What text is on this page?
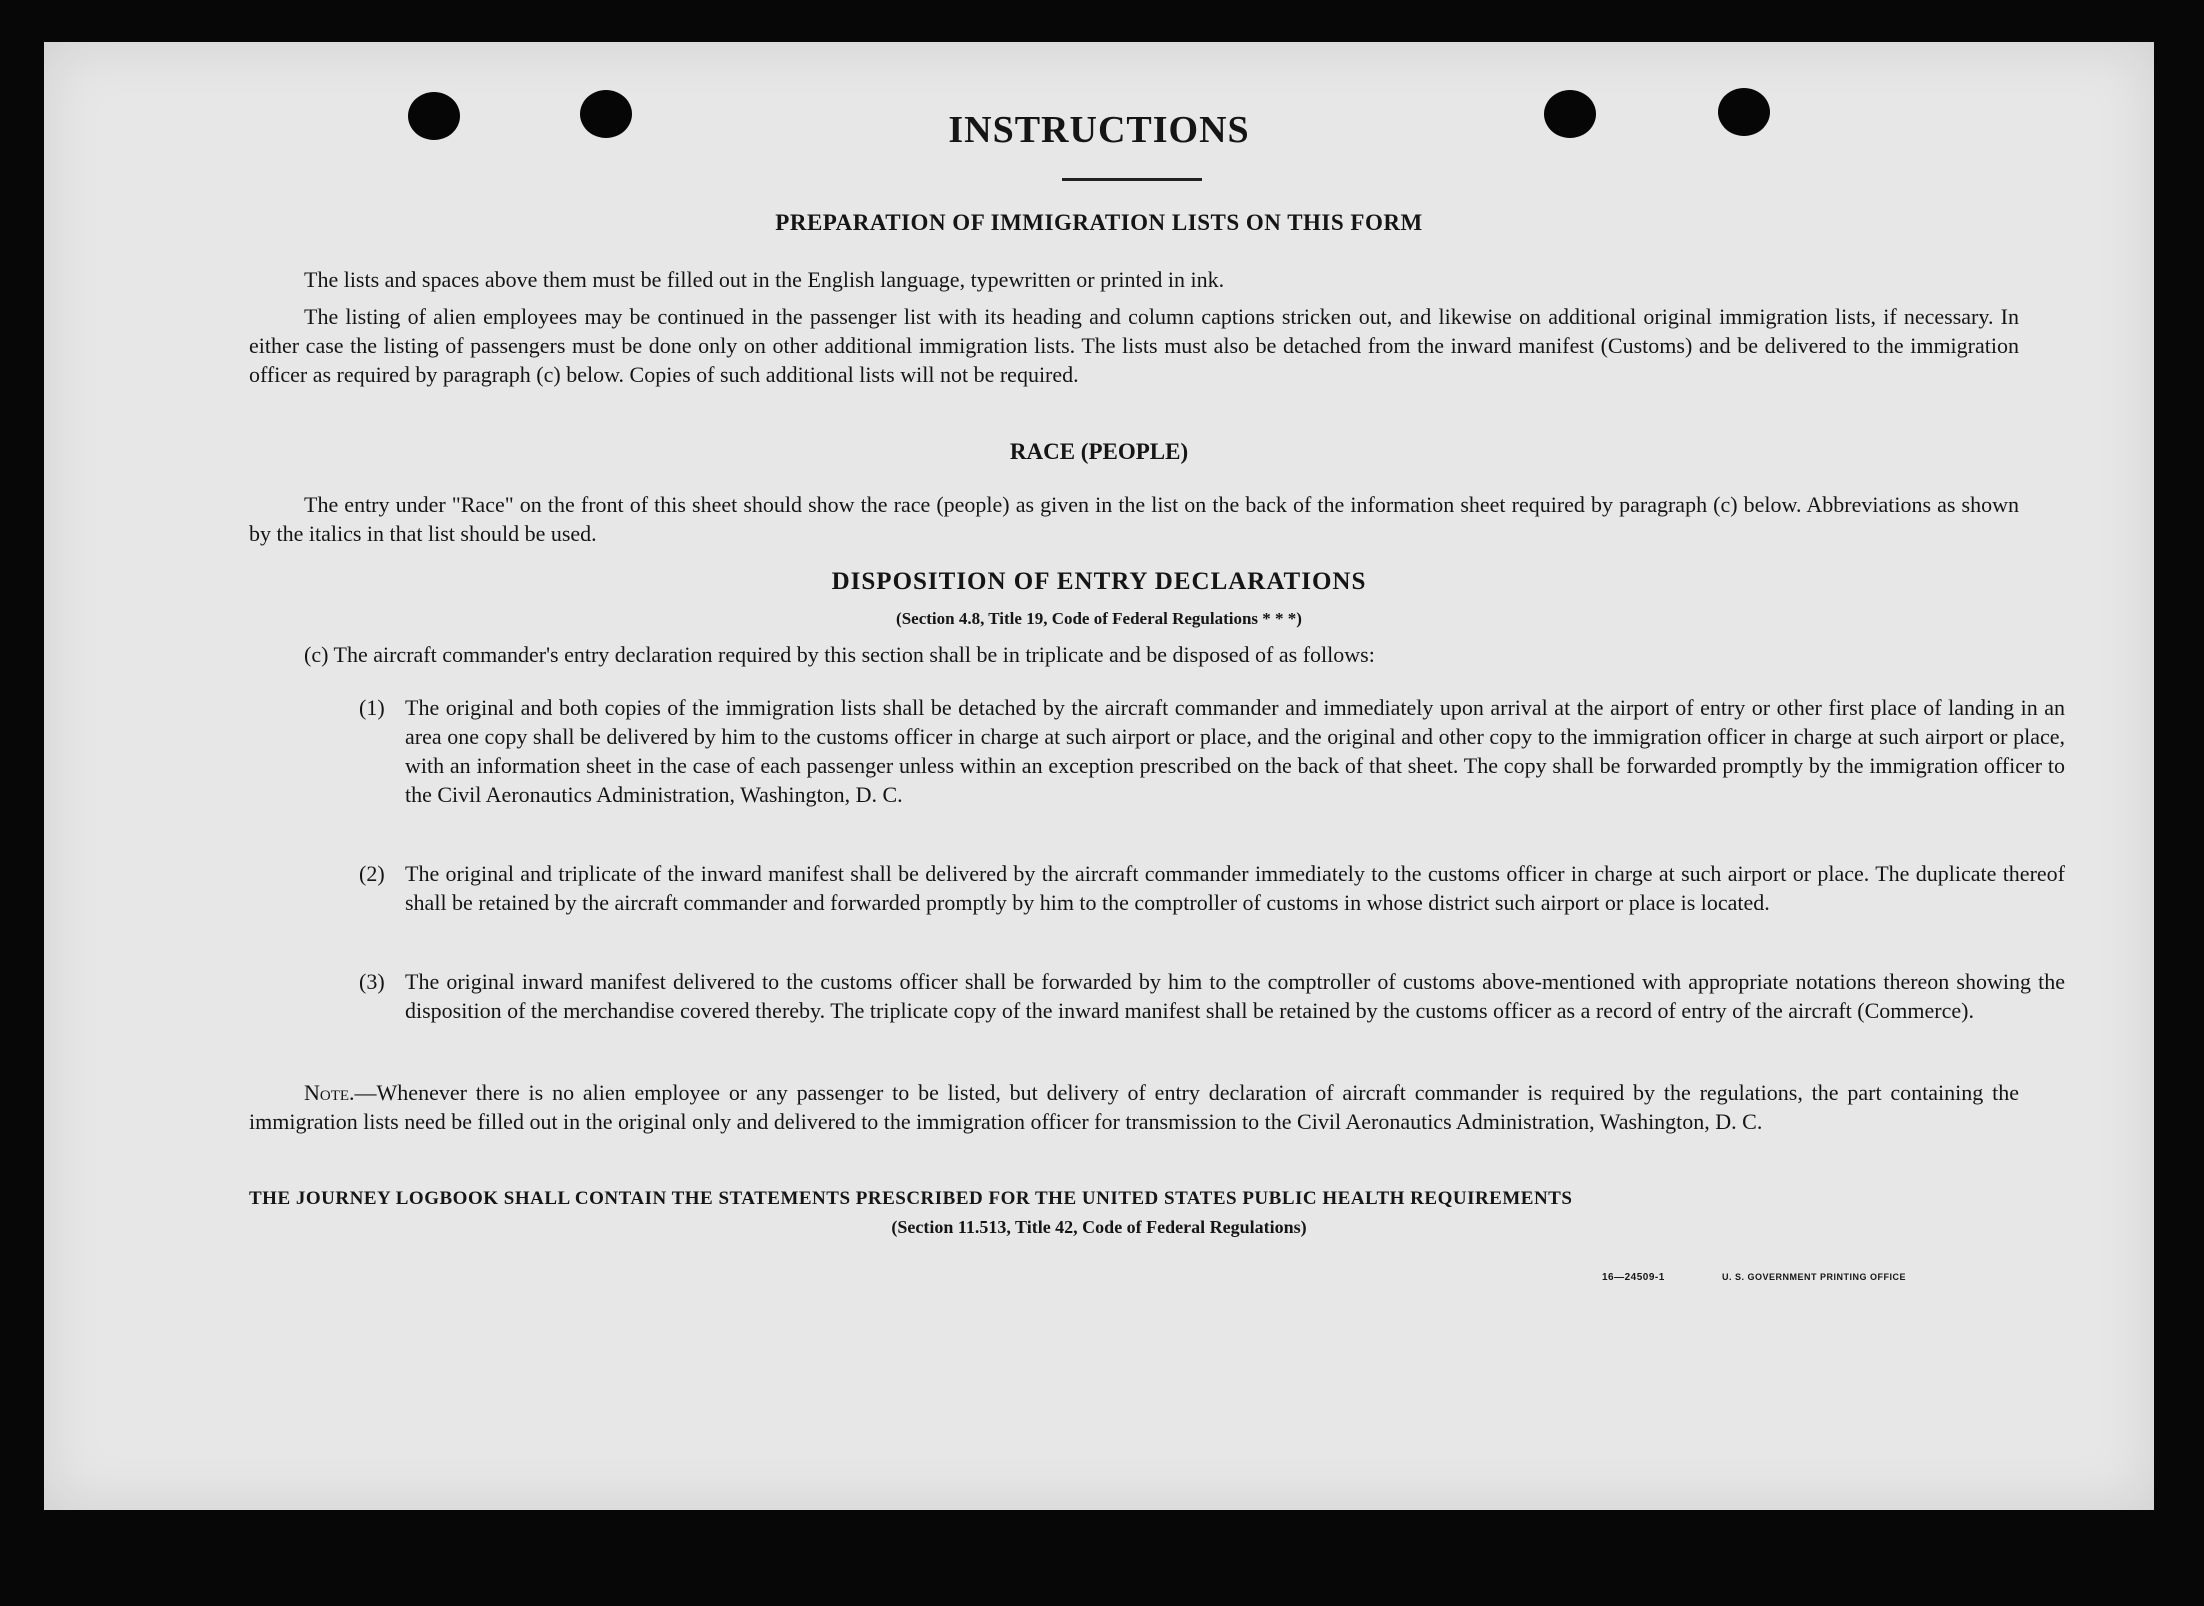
INSTRUCTIONS
PREPARATION OF IMMIGRATION LISTS ON THIS FORM
The lists and spaces above them must be filled out in the English language, typewritten or printed in ink.
The listing of alien employees may be continued in the passenger list with its heading and column captions stricken out, and likewise on additional original immigration lists, if necessary. In either case the listing of passengers must be done only on other additional immigration lists. The lists must also be detached from the inward manifest (Customs) and be delivered to the immigration officer as required by paragraph (c) below. Copies of such additional lists will not be required.
RACE (PEOPLE)
The entry under "Race" on the front of this sheet should show the race (people) as given in the list on the back of the information sheet required by paragraph (c) below. Abbreviations as shown by the italics in that list should be used.
DISPOSITION OF ENTRY DECLARATIONS
(Section 4.8, Title 19, Code of Federal Regulations * * *)
(c) The aircraft commander's entry declaration required by this section shall be in triplicate and be disposed of as follows:
(1) The original and both copies of the immigration lists shall be detached by the aircraft commander and immediately upon arrival at the airport of entry or other first place of landing in an area one copy shall be delivered by him to the customs officer in charge at such airport or place, and the original and other copy to the immigration officer in charge at such airport or place, with an information sheet in the case of each passenger unless within an exception prescribed on the back of that sheet. The copy shall be forwarded promptly by the immigration officer to the Civil Aeronautics Administration, Washington, D. C.
(2) The original and triplicate of the inward manifest shall be delivered by the aircraft commander immediately to the customs officer in charge at such airport or place. The duplicate thereof shall be retained by the aircraft commander and forwarded promptly by him to the comptroller of customs in whose district such airport or place is located.
(3) The original inward manifest delivered to the customs officer shall be forwarded by him to the comptroller of customs above-mentioned with appropriate notations thereon showing the disposition of the merchandise covered thereby. The triplicate copy of the inward manifest shall be retained by the customs officer as a record of entry of the aircraft (Commerce).
Note.—Whenever there is no alien employee or any passenger to be listed, but delivery of entry declaration of aircraft commander is required by the regulations, the part containing the immigration lists need be filled out in the original only and delivered to the immigration officer for transmission to the Civil Aeronautics Administration, Washington, D. C.
THE JOURNEY LOGBOOK SHALL CONTAIN THE STATEMENTS PRESCRIBED FOR THE UNITED STATES PUBLIC HEALTH REQUIREMENTS
(Section 11.513, Title 42, Code of Federal Regulations)
16—24509-1	U. S. GOVERNMENT PRINTING OFFICE
